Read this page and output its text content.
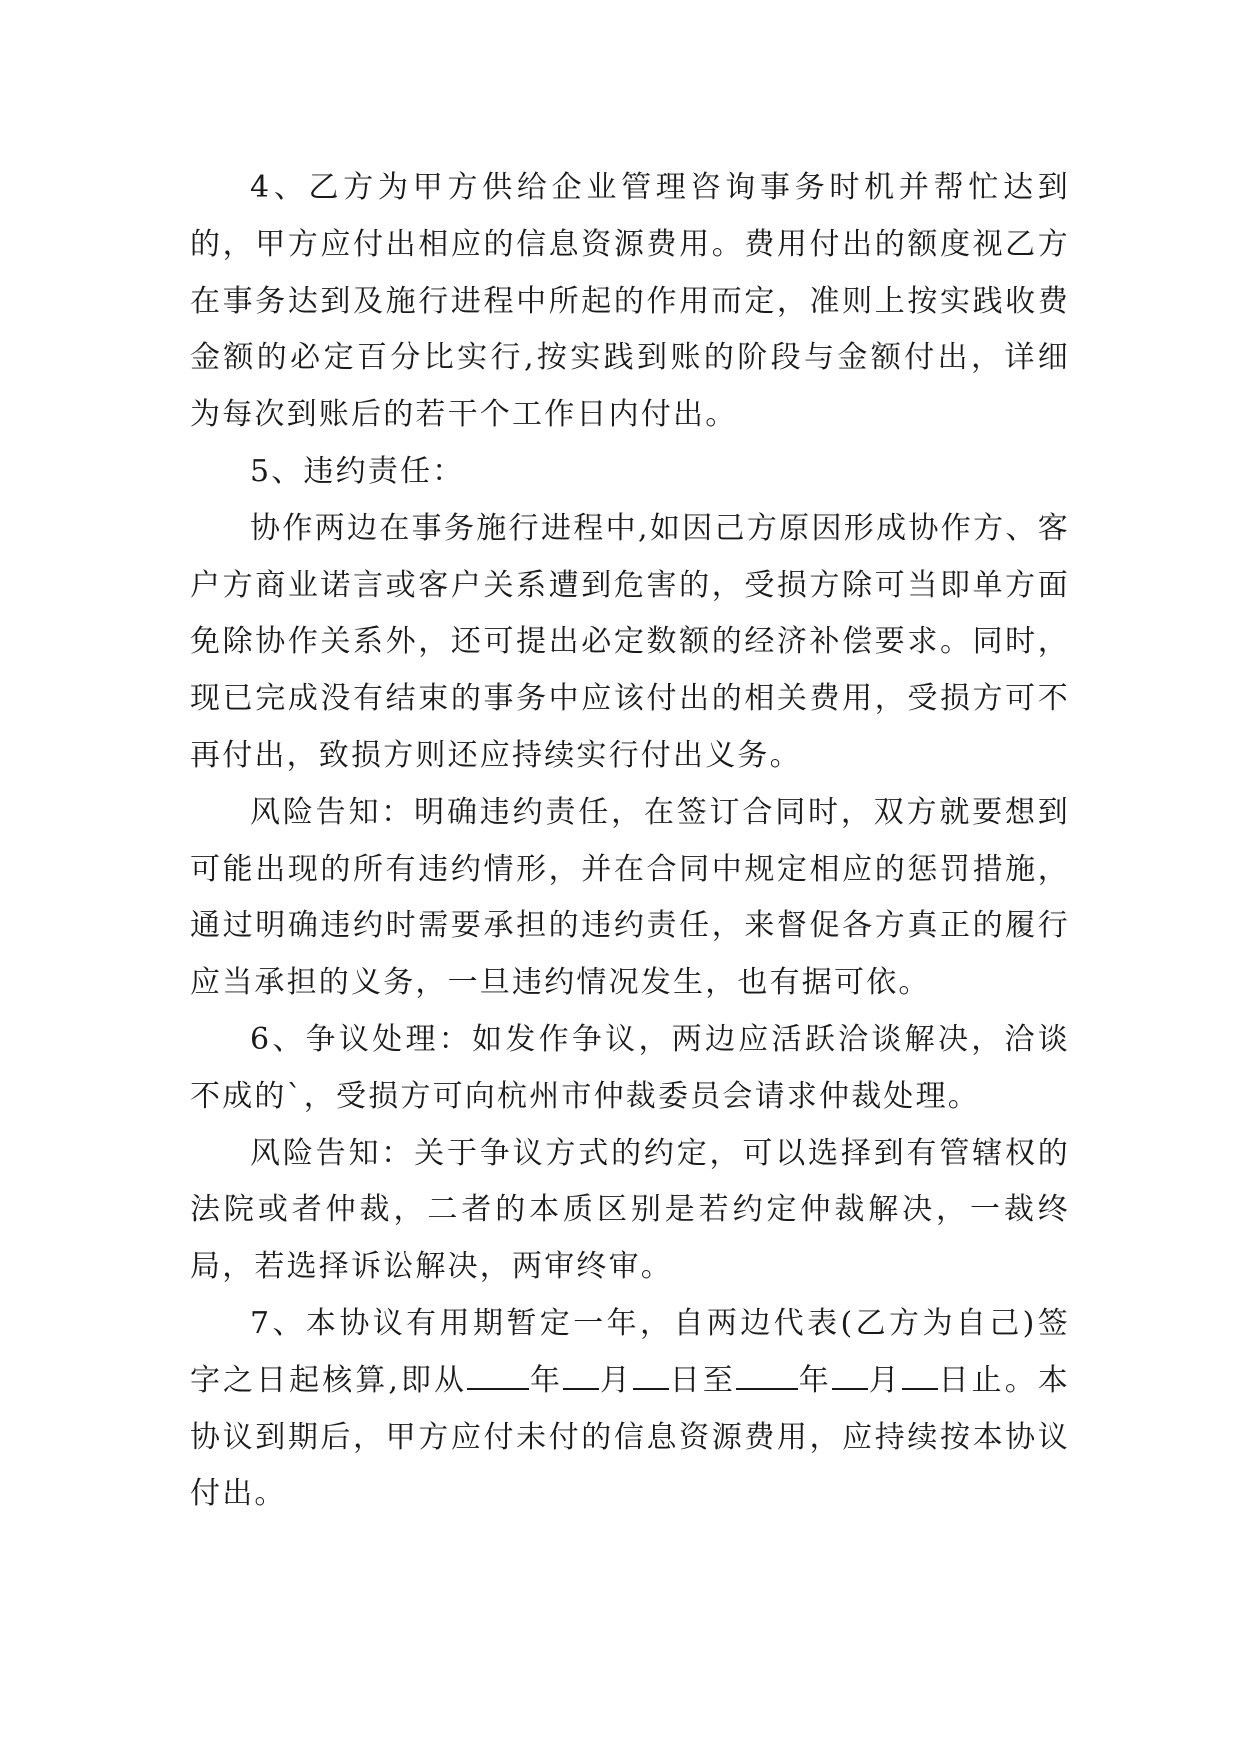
4、乙方为甲方供给企业管理咨询事务时机并帮忙达到的，甲方应付出相应的信息资源费用。费用付出的额度视乙方在事务达到及施行进程中所起的作用而定，准则上按实践收费金额的必定百分比实行,按实践到账的阶段与金额付出，详细为每次到账后的若干个工作日内付出。

5、违约责任：

协作两边在事务施行进程中,如因己方原因形成协作方、客户方商业诺言或客户关系遭到危害的，受损方除可当即单方面免除协作关系外，还可提出必定数额的经济补偿要求。同时，现已完成没有结束的事务中应该付出的相关费用，受损方可不再付出，致损方则还应持续实行付出义务。

风险告知：明确违约责任，在签订合同时，双方就要想到可能出现的所有违约情形，并在合同中规定相应的惩罚措施，通过明确违约时需要承担的违约责任，来督促各方真正的履行应当承担的义务，一旦违约情况发生，也有据可依。

6、争议处理：如发作争议，两边应活跃洽谈解决，洽谈不成的`，受损方可向杭州市仲裁委员会请求仲裁处理。

风险告知：关于争议方式的约定，可以选择到有管辖权的法院或者仲裁，二者的本质区别是若约定仲裁解决，一裁终局，若选择诉讼解决，两审终审。

7、本协议有用期暂定一年，自两边代表(乙方为自己)签字之日起核算,即从 年 月 日至 年 月 日止。本协议到期后，甲方应付未付的信息资源费用，应持续按本协议付出。
